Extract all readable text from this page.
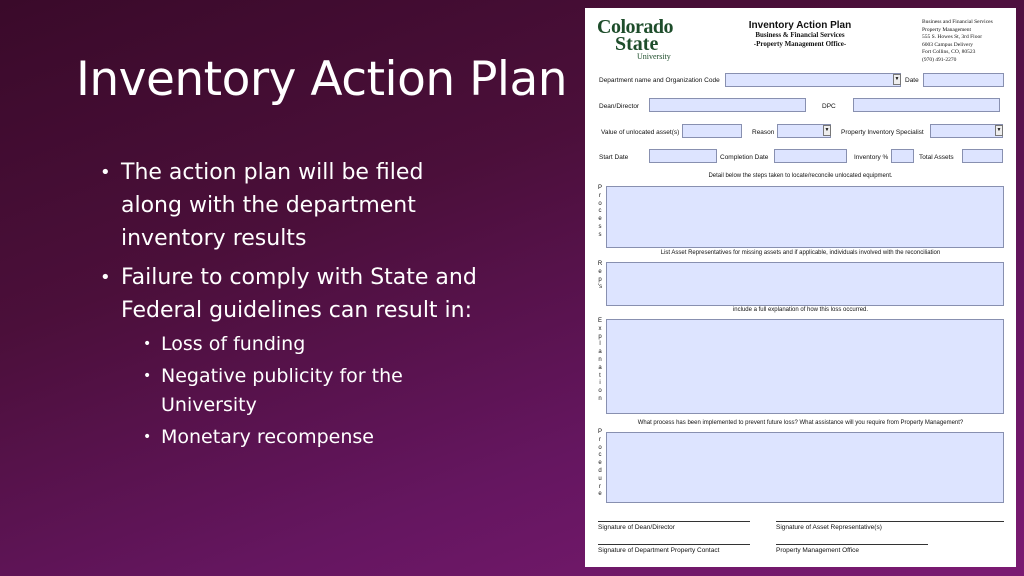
Inventory Action Plan
• The action plan will be filed along with the department inventory results
• Failure to comply with State and Federal guidelines can result in:
• Loss of funding
• Negative publicity for the University
• Monetary recompense
Colorado
State
University
Inventory Action Plan
Business & Financial Services
-Property Management Office-
Business and Financial Services
Property Management
555 S. Howes St, 3rd Floor
6003 Campus Delivery
Fort Collins, CO, 80523
(970) 491-2270
Department name and Organization Code	▼ Date
Dean/Director	DPC
Value of unlocated asset(s)	Reason	▼ Property Inventory Specialist	▼
Start Date	Completion Date	Inventory %	Total Assets
Detail below the steps taken to locate/reconcile unlocated equipment.
P
r
o
c
e
s
s
List Asset Representatives for missing assets and if applicable, individuals involved with the reconciliation
R
e
p
's
include a full explanation of how this loss occurred.
E
x
p
l
a
n
a
t
i
o
n
What process has been implemented to prevent future loss? What assistance will you require from Property Management?
P
r
o
c
e
d
u
r
e
Signature of Dean/Director	Signature of Asset Representative(s)
Signature of Department Property Contact	Property Management Office
